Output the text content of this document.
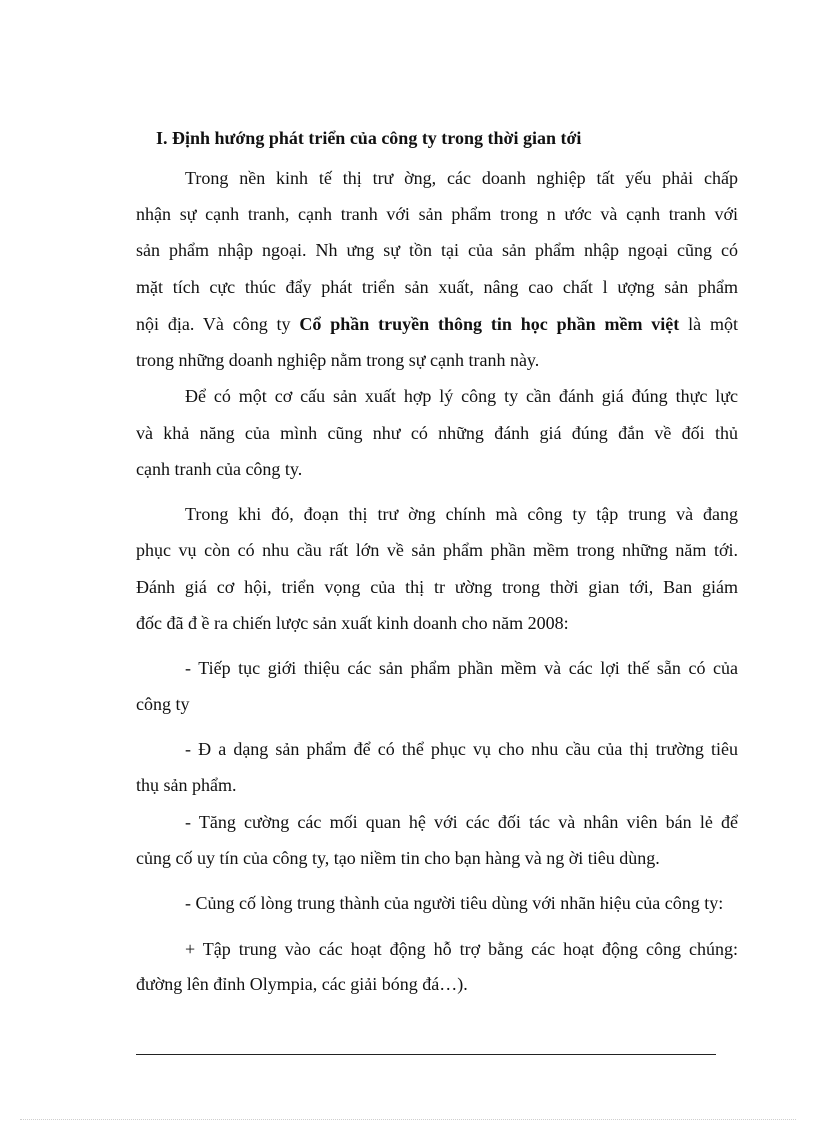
I. Định hướng phát triển của công ty trong thời gian tới

Trong nền kinh tế thị trư ờng, các doanh nghiệp tất yếu phải chấp

nhận sự cạnh tranh, cạnh tranh với sản phẩm trong n ước và cạnh tranh với

sản phẩm nhập ngoại. Nh ưng sự tồn tại của sản phẩm nhập ngoại cũng có

mặt tích cực thúc đẩy phát triển sản xuất, nâng cao chất l ượng sản phẩm

nội địa. Và công ty Cổ phần truyền thông tin học phần mềm việt là một

trong những doanh nghiệp nằm trong sự cạnh tranh này.

Để có một cơ cấu sản xuất hợp lý công ty cần đánh giá đúng thực lực

và khả năng của mình cũng như có những đánh giá đúng đắn về đối thủ

cạnh tranh của công ty.

Trong khi đó, đoạn thị trư ờng chính mà công ty tập trung và đang

phục vụ còn có nhu cầu rất lớn về sản phẩm phần mềm trong những năm tới.

Đánh giá cơ hội, triển vọng của thị tr ường trong thời gian tới, Ban giám

đốc đã đ ề ra chiến lược sản xuất kinh doanh cho năm 2008:

- Tiếp tục giới thiệu các sản phẩm phần mềm và các lợi thế sẵn có của

công ty

- Đ a dạng sản phẩm để có thể phục vụ cho nhu cầu của thị trường tiêu

thụ sản phẩm.

- Tăng cường các mối quan hệ với các đối tác và nhân viên bán lẻ để

củng cố uy tín của công ty, tạo niềm tin cho bạn hàng và ng ời tiêu dùng.

- Củng cố lòng trung thành của người tiêu dùng với nhãn hiệu của công ty:

+ Tập trung vào các hoạt động hỗ trợ bằng các hoạt động công chúng:

đường lên đỉnh Olympia, các giải bóng đá…).
